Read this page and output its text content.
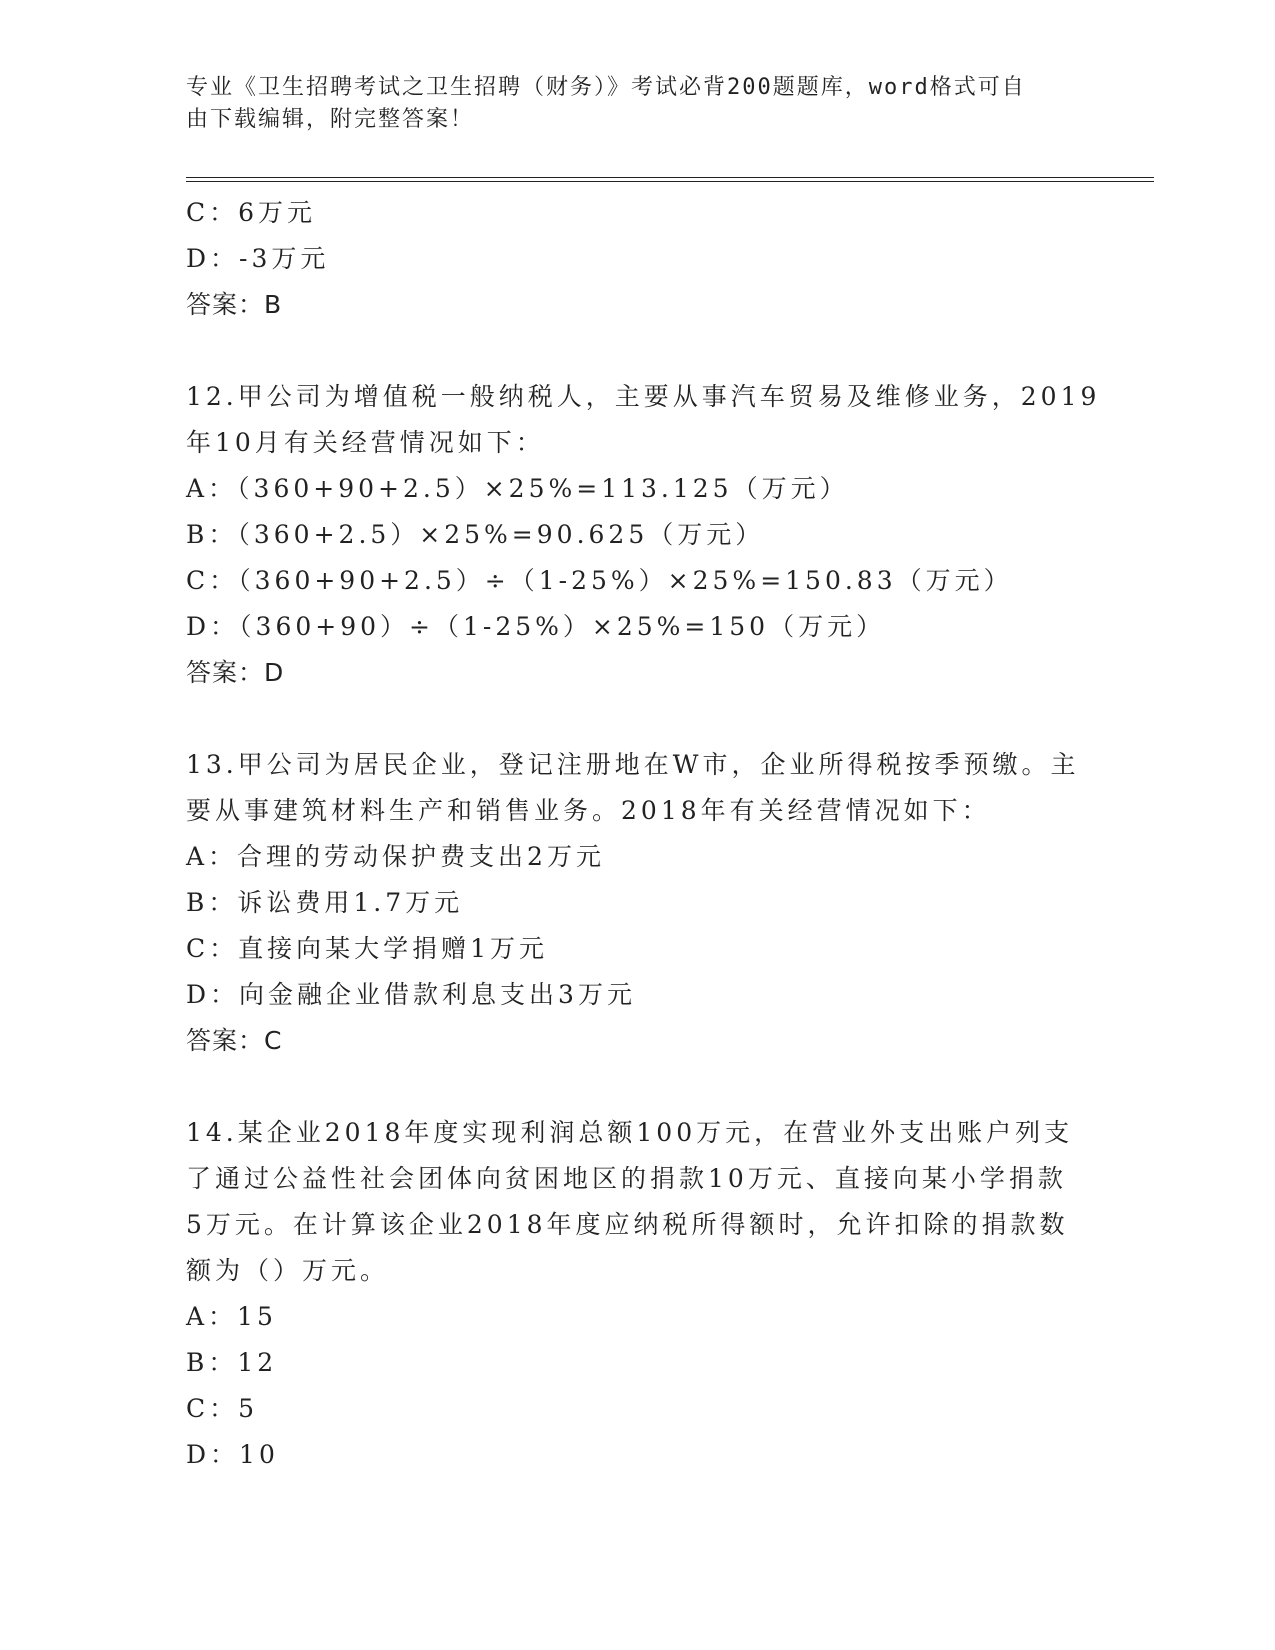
专业《卫生招聘考试之卫生招聘（财务）》考试必背200题题库，word格式可自
由下载编辑，附完整答案！
C：6万元
D：-3万元
答案：B
12.甲公司为增值税一般纳税人，主要从事汽车贸易及维修业务，2019
年10月有关经营情况如下：
A：（360+90+2.5）×25%=113.125（万元）
B：（360+2.5）×25%=90.625（万元）
C：（360+90+2.5）÷（1-25%）×25%=150.83（万元）
D：（360+90）÷（1-25%）×25%=150（万元）
答案：D
13.甲公司为居民企业，登记注册地在W市，企业所得税按季预缴。主
要从事建筑材料生产和销售业务。2018年有关经营情况如下：
A：合理的劳动保护费支出2万元
B：诉讼费用1.7万元
C：直接向某大学捐赠1万元
D：向金融企业借款利息支出3万元
答案：C
14.某企业2018年度实现利润总额100万元，在营业外支出账户列支
了通过公益性社会团体向贫困地区的捐款10万元、直接向某小学捐款
5万元。在计算该企业2018年度应纳税所得额时，允许扣除的捐款数
额为（）万元。
A：15
B：12
C：5
D：10
